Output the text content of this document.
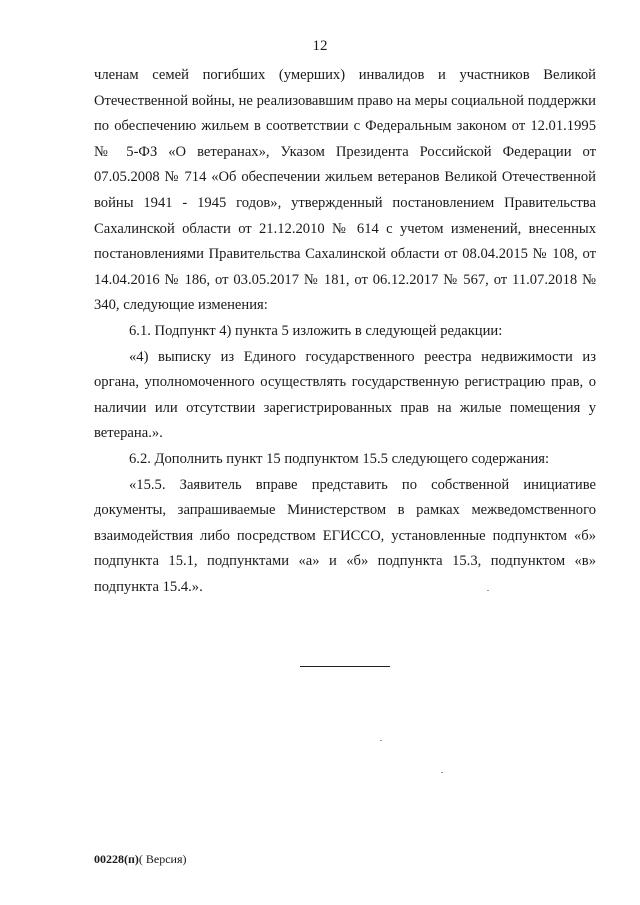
12

членам семей погибших (умерших) инвалидов и участников Великой Отечественной войны, не реализовавшим право на меры социальной поддержки по обеспечению жильем в соответствии с Федеральным законом от 12.01.1995 № 5-ФЗ «О ветеранах», Указом Президента Российской Федерации от 07.05.2008 № 714 «Об обеспечении жильем ветеранов Великой Отечественной войны 1941 - 1945 годов», утвержденный постановлением Правительства Сахалинской области от 21.12.2010 № 614 с учетом изменений, внесенных постановлениями Правительства Сахалинской области от 08.04.2015 № 108, от 14.04.2016 № 186, от 03.05.2017 № 181, от 06.12.2017 № 567, от 11.07.2018 № 340, следующие изменения:

6.1. Подпункт 4) пункта 5 изложить в следующей редакции:

«4) выписку из Единого государственного реестра недвижимости из органа, уполномоченного осуществлять государственную регистрацию прав, о наличии или отсутствии зарегистрированных прав на жилые помещения у ветерана.».

6.2. Дополнить пункт 15 подпунктом 15.5 следующего содержания:

«15.5. Заявитель вправе представить по собственной инициативе документы, запрашиваемые Министерством в рамках межведомственного взаимодействия либо посредством ЕГИССО, установленные подпунктом «б» подпункта 15.1, подпунктами «а» и «б» подпункта 15.3, подпунктом «в» подпункта 15.4.».

00228(п)( Версия)
